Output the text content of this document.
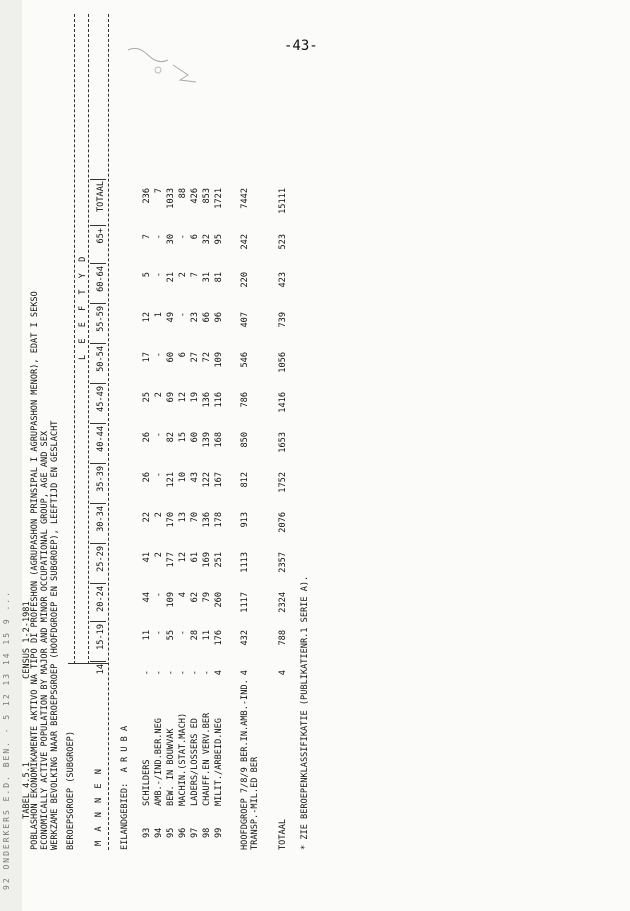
92 ONDERKERS E.D. BEN. - 5 12 13 14 15 9 ...
-43-

TABEL 4.5.1

CENSUS 1-2-1981

POBLASHON EKONOMIKAMENTE AKTIVO NA TIPO DI PROFESHON (AGRUPASHON PRINSIPAL I AGRUPASHON MENOR), EDAT I SEKSO ECONOMICALLY ACTIVE POPULATION BY MAJOR AND MINOR OCCUPATIONAL GROUP, AGE AND SEX WERKZAME BEVOLKING NAAR BEROEPSGROEP (HOOFDGROEP EN SUBGROEP), LEEFTIJD EN GESLACHT BEROEPSGROEP (SUBGROEP)
L E E F T Y D
M A N N E N
14
15-19
20-24
25-29
30-34
35-39
40-44
45-49
50-54
55-59
60-64
65+
TOTAAL
EILANDGEBIED:  A R U B A 93
SCHILDERS
-
11
44
41
22
26
26
25
17
12
5
7
236
94
AMB.-/IND.BER.NEG
-
-
-
2
2
-
-
2
-
1
-
-
7
95
BEW. IN BOUWVAK
-
55
109
177
170
121
82
69
60
49
21
30
1033
96
MACHIN.(STAT.MACH)
-
-
4
12
13
10
15
12
6
-
2
-
88
97
LADERS/LOSSERS ED
-
28
62
61
70
43
60
19
27
23
7
6
426
98
CHAUFF.EN VERV.BER
-
11
79
169
136
122
139
136
72
66
31
32
853
99
MILIT./ARBEID.NEG
4
176
260
251
178
167
168
116
109
96
81
95
1721
HOOFDGROEP 7/8/9 BER.IN.AMB.-IND. TRANSP.-MIL.ED BER
4
432
1117
1113
913
812
850
786
546
407
220
242
7442
TOTAAL
4
788
2324
2357
2076
1752
1653
1416
1056
739
423
523
15111
* ZIE BEROEPENKLASSIFIKATIE (PUBLIKATIENR.1 SERIE A).
